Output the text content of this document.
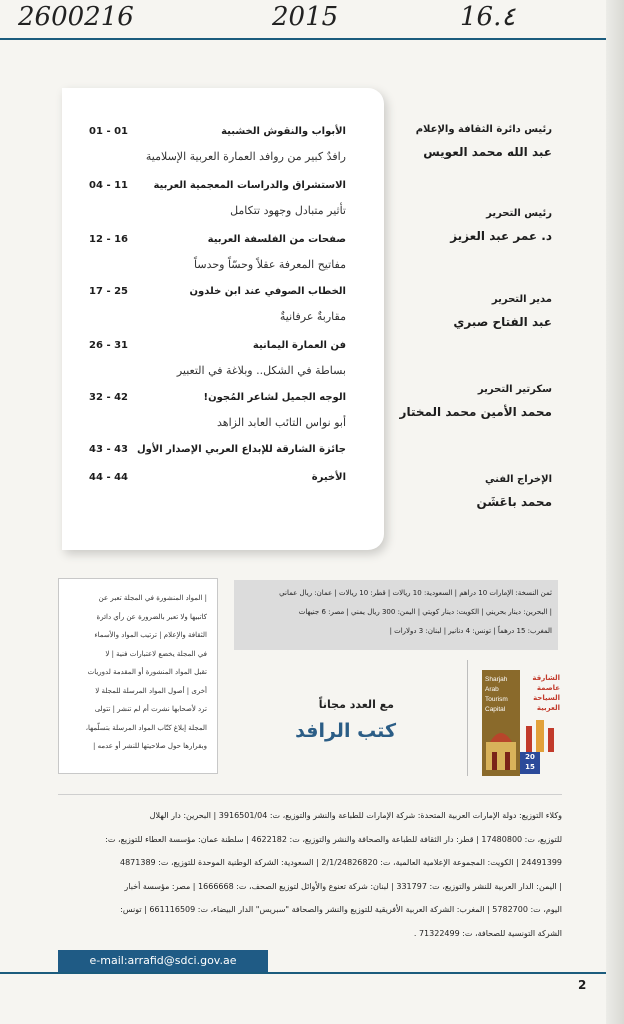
2600216	2015	16.٤
الأبواب والنقوش الخشبية
01 - 01
رافدٌ كبير من روافد العمارة العربية الإسلامية
الاستشراق والدراسات المعجمية العربية
04 - 11
تأثير متبادل وجهود تتكامل
صفحات من الفلسفة العربية
12 - 16
مفاتيح المعرفة عقلاً وحسّاً وحدساً
الخطاب الصوفي عند ابن خلدون
17 - 25
مقاربةٌ عرفانيةٌ
فن العمارة اليمانية
26 - 31
بساطة في الشكل.. وبلاغة في التعبير
الوجه الجميل لشاعر المُجون!
32 - 42
أبو نواس التائب العابد الزاهد
جائزة الشارقة للإبداع العربي الإصدار الأول
43 - 43
الأخيرة
44 - 44
رئيس دائرة الثقافة والإعلام
عبد الله محمد العويس
رئيس التحرير
د. عمر عبد العزيز
مدير التحرير
عبد الفتاح صبري
سكرتير التحرير
محمد الأمين محمد المختار
الإخراج الفني
محمد باعَشَن
ثمن النسخة: الإمارات 10 دراهم | السعودية: 10 ريالات | قطر: 10 ريالات | عمان: ريال عماني
| البحرين: دينار بحريني | الكويت: دينار كويتي | اليمن: 300 ريال يمني | مصر: 6 جنيهات
المغرب: 15 درهماً | تونس: 4 دنانير | لبنان: 3 دولارات |
| المواد المنشورة في المجلة تعبر عن
كاتبيها ولا تعبر بالضرورة عن رأي دائرة
الثقافة والإعلام | ترتيب المواد والأسماء
في المجلة يخضع لاعتبارات فنية | لا
تقبل المواد المنشورة أو المقدمة لدوريات
أخرى | أصول المواد المرسلة للمجلة لا
ترد لأصحابها نشرت أم لم تنشر | تتولى
المجلة إبلاغ كتّاب المواد المرسلة بتسلّمها،
وبقرارها حول صلاحيتها للنشر أو عدمه |
مع العدد مجاناً
كتب الرافد
Sharjah
Arab
Tourism
Capital
الشارقة
عاصمة
السياحة
العربية
20
15
وكلاء التوزيع: دولة الإمارات العربية المتحدة: شركة الإمارات للطباعة والنشر والتوزيع، ت: 3916501/04 | البحرين: دار الهلال
للتوزيع، ت: 17480800 | قطر: دار الثقافة للطباعة والصحافة والنشر والتوزيع، ت: 4622182 | سلطنة عمان: مؤسسة العطاء للتوزيع، ت:
24491399 | الكويت: المجموعة الإعلامية العالمية، ت: 2/1/24826820 | السعودية: الشركة الوطنية الموحدة للتوزيع، ت: 4871389
| اليمن: الدار العربية للنشر والتوزيع، ت: 331797 | لبنان: شركة تعنوع والأوائل لتوزيع الصحف، ت: 1666668 | مصر: مؤسسة أخبار
اليوم، ت: 5782700 | المغرب: الشركة العربية الأفريقية للتوزيع والنشر والصحافة "سبريس" الدار البيضاء، ت: 661116509 | تونس:
الشركة التونسية للصحافة، ت: 71322499 .
e-mail:arrafid@sdci.gov.ae
2
